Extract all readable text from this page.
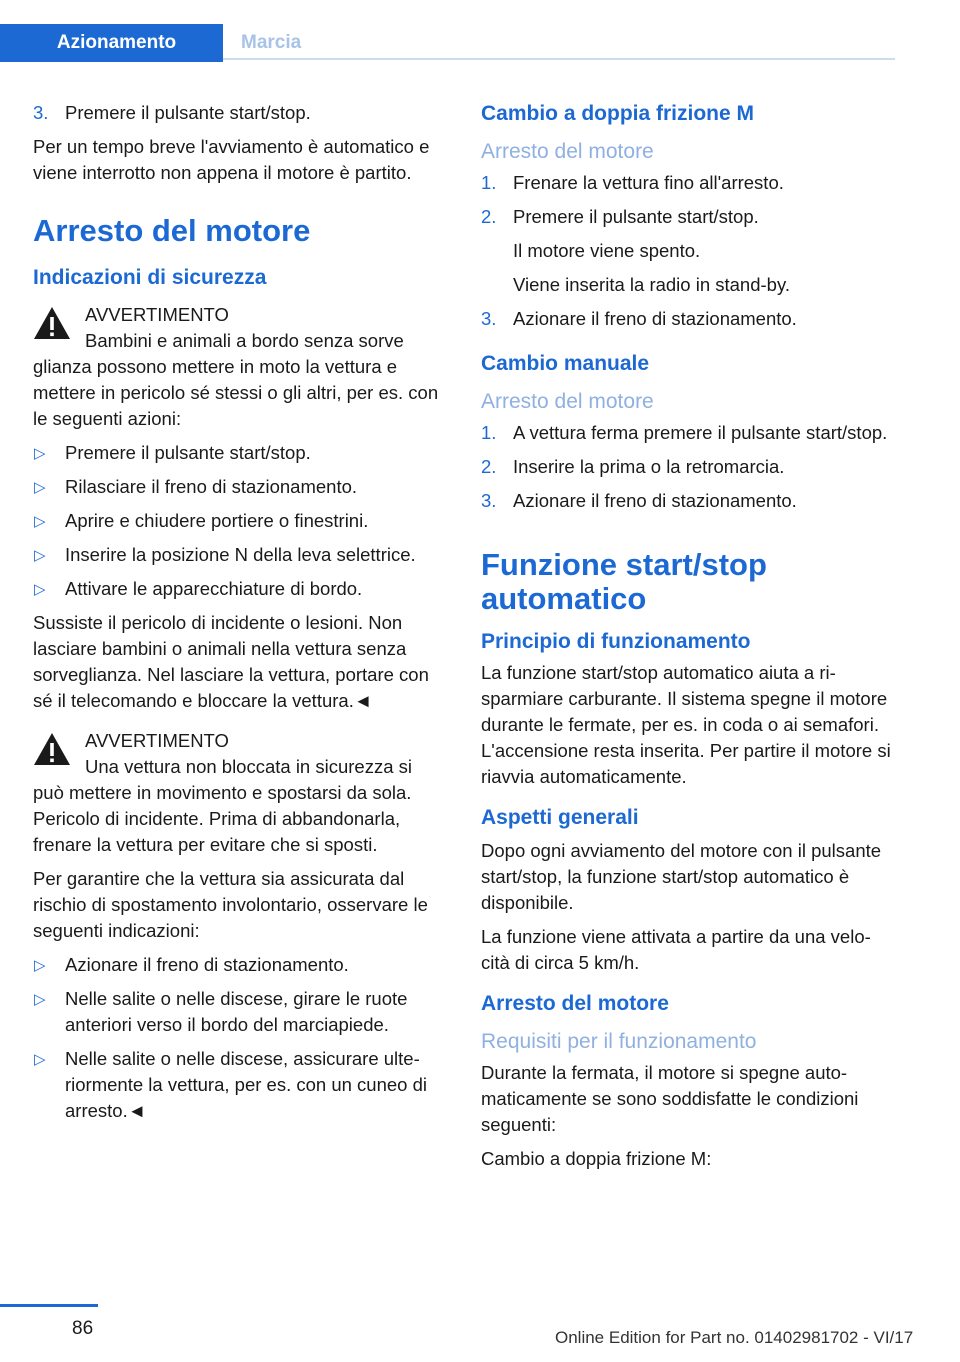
Azionamento	Marcia
3. Premere il pulsante start/stop.

Per un tempo breve l'avviamento è automatico e viene interrotto non appena il motore è partito.

Arresto del motore
Indicazioni di sicurezza
AVVERTIMENTO
Bambini e animali a bordo senza sorve
glianza possono mettere in moto la vettura e mettere in pericolo sé stessi o gli altri, per es. con le seguenti azioni:
▷ Premere il pulsante start/stop.
▷ Rilasciare il freno di stazionamento.
▷ Aprire e chiudere portiere o finestrini.
▷ Inserire la posizione N della leva selettrice.
▷ Attivare le apparecchiature di bordo.

Sussiste il pericolo di incidente o lesioni. Non lasciare bambini o animali nella vettura senza sorveglianza. Nel lasciare la vettura, portare con sé il telecomando e bloccare la vettura.◄

AVVERTIMENTO
Una vettura non bloccata in sicurezza si
può mettere in movimento e spostarsi da sola. Pericolo di incidente. Prima di abbandonarla, frenare la vettura per evitare che si sposti.

Per garantire che la vettura sia assicurata dal rischio di spostamento involontario, osservare le seguenti indicazioni:

▷ Azionare il freno di stazionamento.
▷ Nelle salite o nelle discese, girare le ruote anteriori verso il bordo del marciapiede.
▷ Nelle salite o nelle discese, assicurare ulteriormente la vettura, per es. con un cuneo di arresto.◄
Cambio a doppia frizione M
Arresto del motore
1. Frenare la vettura fino all'arresto.
2. Premere il pulsante start/stop.
Il motore viene spento.
Viene inserita la radio in stand-by.
3. Azionare il freno di stazionamento.
Cambio manuale
Arresto del motore
1. A vettura ferma premere il pulsante start/stop.
2. Inserire la prima o la retromarcia.
3. Azionare il freno di stazionamento.
Funzione start/stop automatico
Principio di funzionamento

La funzione start/stop automatico aiuta a risparmiare carburante. Il sistema spegne il motore durante le fermate, per es. in coda o ai semafori. L'accensione resta inserita. Per partire il motore si riavvia automaticamente.

Aspetti generali

Dopo ogni avviamento del motore con il pulsante start/stop, la funzione start/stop automatico è disponibile.

La funzione viene attivata a partire da una velocità di circa 5 km/h.

Arresto del motore
Requisiti per il funzionamento

Durante la fermata, il motore si spegne automaticamente se sono soddisfatte le condizioni seguenti:

Cambio a doppia frizione M:

86	Online Edition for Part no. 01402981702 - VI/17
